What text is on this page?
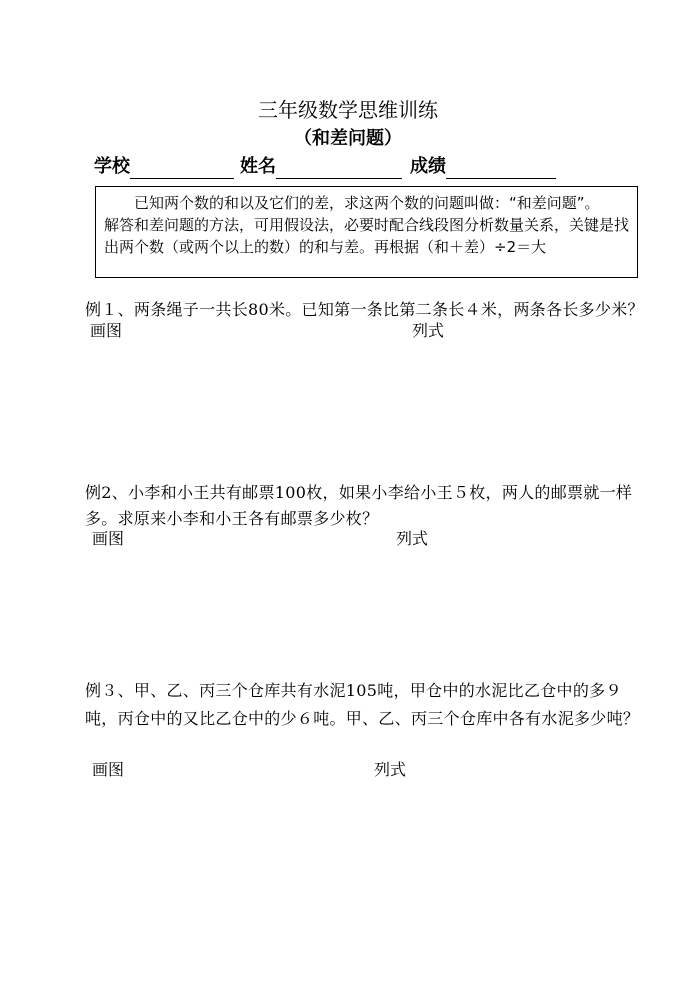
三年级数学思维训练
（和差问题）
学校	姓名	成绩

已知两个数的和以及它们的差，求这两个数的问题叫做：“和差问题”。

解答和差问题的方法，可用假设法，必要时配合线段图分析数量关系，关键是找出两个数（或两个以上的数）的和与差。再根据（和＋差）÷2＝大

例１、两条绳子一共长80米。已知第一条比第二条长４米，两条各长多少米？
画图	列式
例2、小李和小王共有邮票100枚，如果小李给小王５枚，两人的邮票就一样多。求原来小李和小王各有邮票多少枚？
画图	列式
例３、甲、乙、丙三个仓库共有水泥105吨，甲仓中的水泥比乙仓中的多９吨，丙仓中的又比乙仓中的少６吨。甲、乙、丙三个仓库中各有水泥多少吨？
画图	列式
